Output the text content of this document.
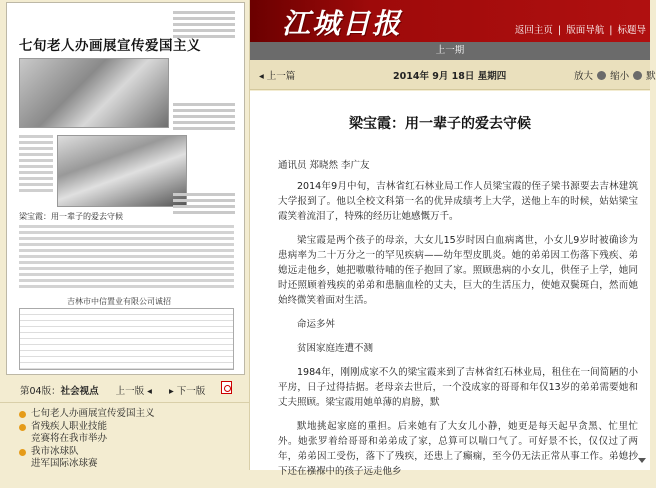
七旬老人办画展宣传爱国主义
梁宝霞：用一辈子的爱去守候
吉林市中信置业有限公司诚招
第04版：社会视点 上一版 ◂ ▸ 下一版
七旬老人办画展宣传爱国主义
省残疾人职业技能
竞赛将在我市举办
我市冰球队
进军国际冰球赛
江城日报	返回主页 | 版面导航 | 标题导
上一期
◂ 上一篇	2014年 9月 18日 星期四	放大 缩小 默
梁宝霞：用一辈子的爱去守候
通讯员 郑晓然 李广友

2014年9月中旬，吉林省红石林业局工作人员梁宝霞的侄子梁书源要去吉林建筑大学报到了。他以全校文科第一名的优异成绩考上大学，送他上车的时候，姑姑梁宝霞笑着流泪了，特殊的经历让她感慨万千。

梁宝霞是两个孩子的母亲，大女儿15岁时因白血病离世，小女儿9岁时被确诊为患病率为二十万分之一的罕见疾病——幼年型皮肌炎。她的弟弟因工伤落下残疾、弟媳远走他乡，她把嗷嗷待哺的侄子抱回了家。照顾患病的小女儿，供侄子上学，她同时还照顾着残疾的弟弟和患脑血栓的丈夫，巨大的生活压力，使她双鬓斑白，然而她始终微笑着面对生活。

命运多舛

贫困家庭连遭不测

1984年，刚刚成家不久的梁宝霞来到了吉林省红石林业局，租住在一间简陋的小平房，日子过得拮据。老母亲去世后，一个没成家的哥哥和年仅13岁的弟弟需要她和丈夫照顾。梁宝霞用她单薄的肩膀，默

默地挑起家庭的重担。后来她有了大女儿小静，她更是每天起早贪黑、忙里忙外。她张罗着给哥哥和弟弟成了家，总算可以喘口气了。可好景不长，仅仅过了两年，弟弟因工受伤，落下了残疾，还患上了癫痫，至今仍无法正常从事工作。弟媳抄下还在襁褓中的孩子远走他乡
